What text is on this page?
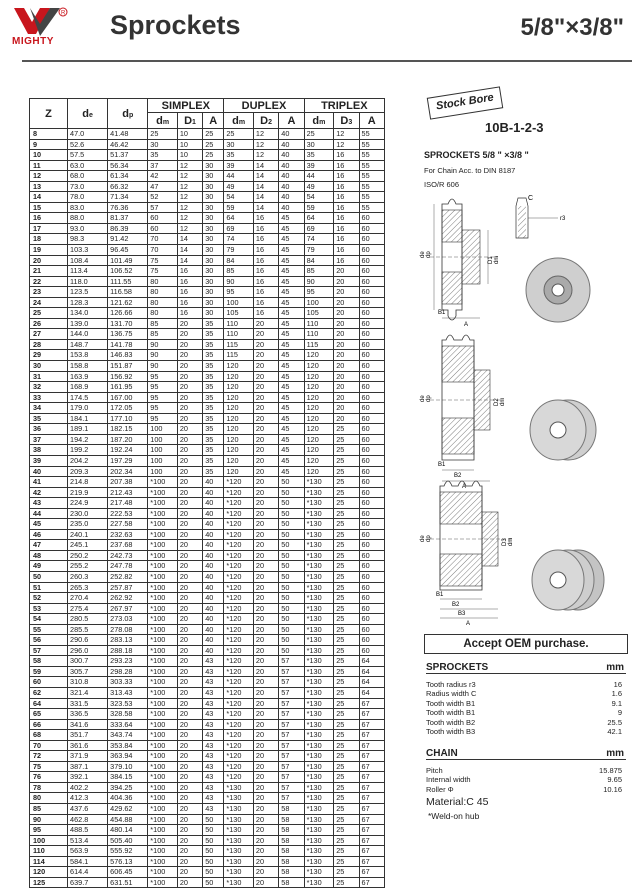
R
MIGHTY
Sprockets	5/8"×3/8"
Z	de	dp	SIMPLEX			DUPLEX			TRIPLEX		
			dm	D1	A	dm	D2	A	dm	D3	A
8	47.0	41.48	25	10	25	25	12	40	25	12	55
9	52.6	46.42	30	10	25	30	12	40	30	12	55
10	57.5	51.37	35	10	25	35	12	40	35	16	55
11	63.0	56.34	37	12	30	39	14	40	39	16	55
12	68.0	61.34	42	12	30	44	14	40	44	16	55
13	73.0	66.32	47	12	30	49	14	40	49	16	55
14	78.0	71.34	52	12	30	54	14	40	54	16	55
15	83.0	76.36	57	12	30	59	14	40	59	16	55
16	88.0	81.37	60	12	30	64	16	45	64	16	60
17	93.0	86.39	60	12	30	69	16	45	69	16	60
18	98.3	91.42	70	14	30	74	16	45	74	16	60
19	103.3	96.45	70	14	30	79	16	45	79	16	60
20	108.4	101.49	75	14	30	84	16	45	84	16	60
21	113.4	106.52	75	16	30	85	16	45	85	20	60
22	118.0	111.55	80	16	30	90	16	45	90	20	60
23	123.5	116.58	80	16	30	95	16	45	95	20	60
24	128.3	121.62	80	16	30	100	16	45	100	20	60
25	134.0	126.66	80	16	30	105	16	45	105	20	60
26	139.0	131.70	85	20	35	110	20	45	110	20	60
27	144.0	136.75	85	20	35	110	20	45	110	20	60
28	148.7	141.78	90	20	35	115	20	45	115	20	60
29	153.8	146.83	90	20	35	115	20	45	120	20	60
30	158.8	151.87	90	20	35	120	20	45	120	20	60
31	163.9	156.92	95	20	35	120	20	45	120	20	60
32	168.9	161.95	95	20	35	120	20	45	120	20	60
33	174.5	167.00	95	20	35	120	20	45	120	20	60
34	179.0	172.05	95	20	35	120	20	45	120	20	60
35	184.1	177.10	95	20	35	120	20	45	120	20	60
36	189.1	182.15	100	20	35	120	20	45	120	25	60
37	194.2	187.20	100	20	35	120	20	45	120	25	60
38	199.2	192.24	100	20	35	120	20	45	120	25	60
39	204.2	197.29	100	20	35	120	20	45	120	25	60
40	209.3	202.34	100	20	35	120	20	45	120	25	60
41	214.8	207.38	*100	20	40	*120	20	50	*130	25	60
42	219.9	212.43	*100	20	40	*120	20	50	*130	25	60
43	224.9	217.48	*100	20	40	*120	20	50	*130	25	60
44	230.0	222.53	*100	20	40	*120	20	50	*130	25	60
45	235.0	227.58	*100	20	40	*120	20	50	*130	25	60
46	240.1	232.63	*100	20	40	*120	20	50	*130	25	60
47	245.1	237.68	*100	20	40	*120	20	50	*130	25	60
48	250.2	242.73	*100	20	40	*120	20	50	*130	25	60
49	255.2	247.78	*100	20	40	*120	20	50	*130	25	60
50	260.3	252.82	*100	20	40	*120	20	50	*130	25	60
51	265.3	257.87	*100	20	40	*120	20	50	*130	25	60
52	270.4	262.92	*100	20	40	*120	20	50	*130	25	60
53	275.4	267.97	*100	20	40	*120	20	50	*130	25	60
54	280.5	273.03	*100	20	40	*120	20	50	*130	25	60
55	285.5	278.08	*100	20	40	*120	20	50	*130	25	60
56	290.6	283.13	*100	20	40	*120	20	50	*130	25	60
57	296.0	288.18	*100	20	40	*120	20	50	*130	25	60
58	300.7	293.23	*100	20	43	*120	20	57	*130	25	64
59	305.7	298.28	*100	20	43	*120	20	57	*130	25	64
60	310.8	303.33	*100	20	43	*120	20	57	*130	25	64
62	321.4	313.43	*100	20	43	*120	20	57	*130	25	64
64	331.5	323.53	*100	20	43	*120	20	57	*130	25	67
65	336.5	328.58	*100	20	43	*120	20	57	*130	25	67
66	341.6	333.64	*100	20	43	*120	20	57	*130	25	67
68	351.7	343.74	*100	20	43	*120	20	57	*130	25	67
70	361.6	353.84	*100	20	43	*120	20	57	*130	25	67
72	371.9	363.94	*100	20	43	*120	20	57	*130	25	67
75	387.1	379.10	*100	20	43	*120	20	57	*130	25	67
76	392.1	384.15	*100	20	43	*120	20	57	*130	25	67
78	402.2	394.25	*100	20	43	*130	20	57	*130	25	67
80	412.3	404.36	*100	20	43	*130	20	57	*130	25	67
85	437.6	429.62	*100	20	43	*130	20	58	*130	25	67
90	462.8	454.88	*100	20	50	*130	20	58	*130	25	67
95	488.5	480.14	*100	20	50	*130	20	58	*130	25	67
100	513.4	505.40	*100	20	50	*130	20	58	*130	25	67
110	563.9	555.92	*100	20	50	*130	20	58	*130	25	67
114	584.1	576.13	*100	20	50	*130	20	58	*130	25	67
120	614.4	606.45	*100	20	50	*130	20	58	*130	25	67
125	639.7	631.51	*100	20	50	*130	20	58	*130	25	67
Stock Bore
10B-1-2-3
SPROCKETS 5/8 " ×3/8 "
For Chain Acc. to DIN 8187
ISO/R 606
de dp
D1 dm
B1
A
C
r3
de dp	D2 dm
B1
B2
A
de dp	D3 dm
B1
B2
B3
A
Accept OEM purchase.
SPROCKETS	mm
Tooth radius r3	16
Radius width C	1.6
Tooth width B1	9.1
Tooth width B1	9
Tooth width B2	25.5
Tooth width B3	42.1
CHAIN	mm
Pitch	15.875
Internal width	9.65
Roller Φ	10.16
Material:C 45
*Weld-on hub
